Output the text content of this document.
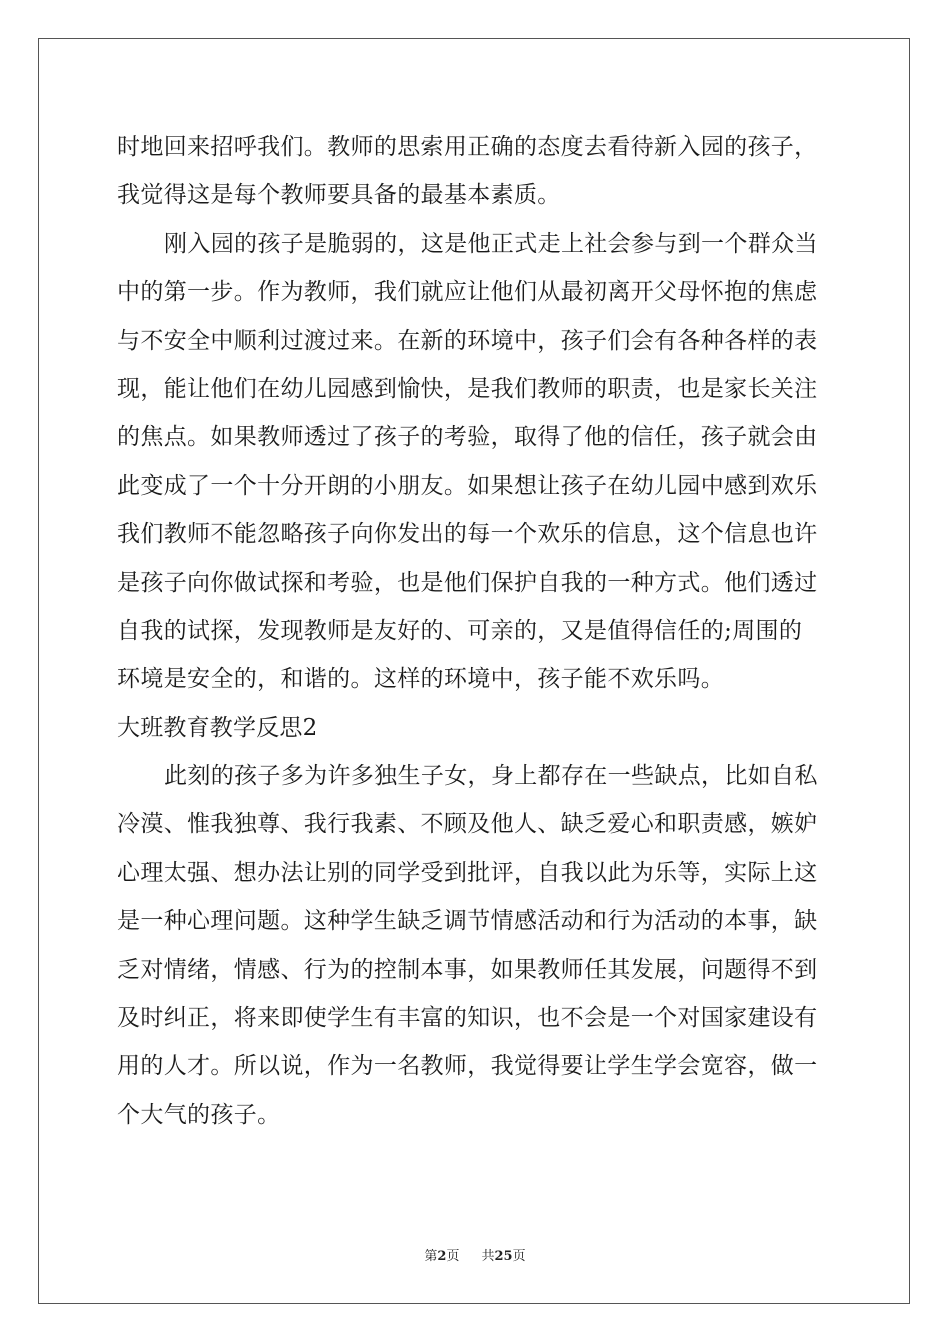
时地回来招呼我们。教师的思索用正确的态度去看待新入园的孩子，
我觉得这是每个教师要具备的最基本素质。
刚入园的孩子是脆弱的，这是他正式走上社会参与到一个群众当
中的第一步。作为教师，我们就应让他们从最初离开父母怀抱的焦虑
与不安全中顺利过渡过来。在新的环境中，孩子们会有各种各样的表
现，能让他们在幼儿园感到愉快，是我们教师的职责，也是家长关注
的焦点。如果教师透过了孩子的考验，取得了他的信任，孩子就会由
此变成了一个十分开朗的小朋友。如果想让孩子在幼儿园中感到欢乐
我们教师不能忽略孩子向你发出的每一个欢乐的信息，这个信息也许
是孩子向你做试探和考验，也是他们保护自我的一种方式。他们透过
自我的试探，发现教师是友好的、可亲的，又是值得信任的;周围的
环境是安全的，和谐的。这样的环境中，孩子能不欢乐吗。
大班教育教学反思2
此刻的孩子多为许多独生子女，身上都存在一些缺点，比如自私
冷漠、惟我独尊、我行我素、不顾及他人、缺乏爱心和职责感，嫉妒
心理太强、想办法让别的同学受到批评，自我以此为乐等，实际上这
是一种心理问题。这种学生缺乏调节情感活动和行为活动的本事，缺
乏对情绪，情感、行为的控制本事，如果教师任其发展，问题得不到
及时纠正，将来即使学生有丰富的知识，也不会是一个对国家建设有
用的人才。所以说，作为一名教师，我觉得要让学生学会宽容，做一
个大气的孩子。
第2页 共25页
